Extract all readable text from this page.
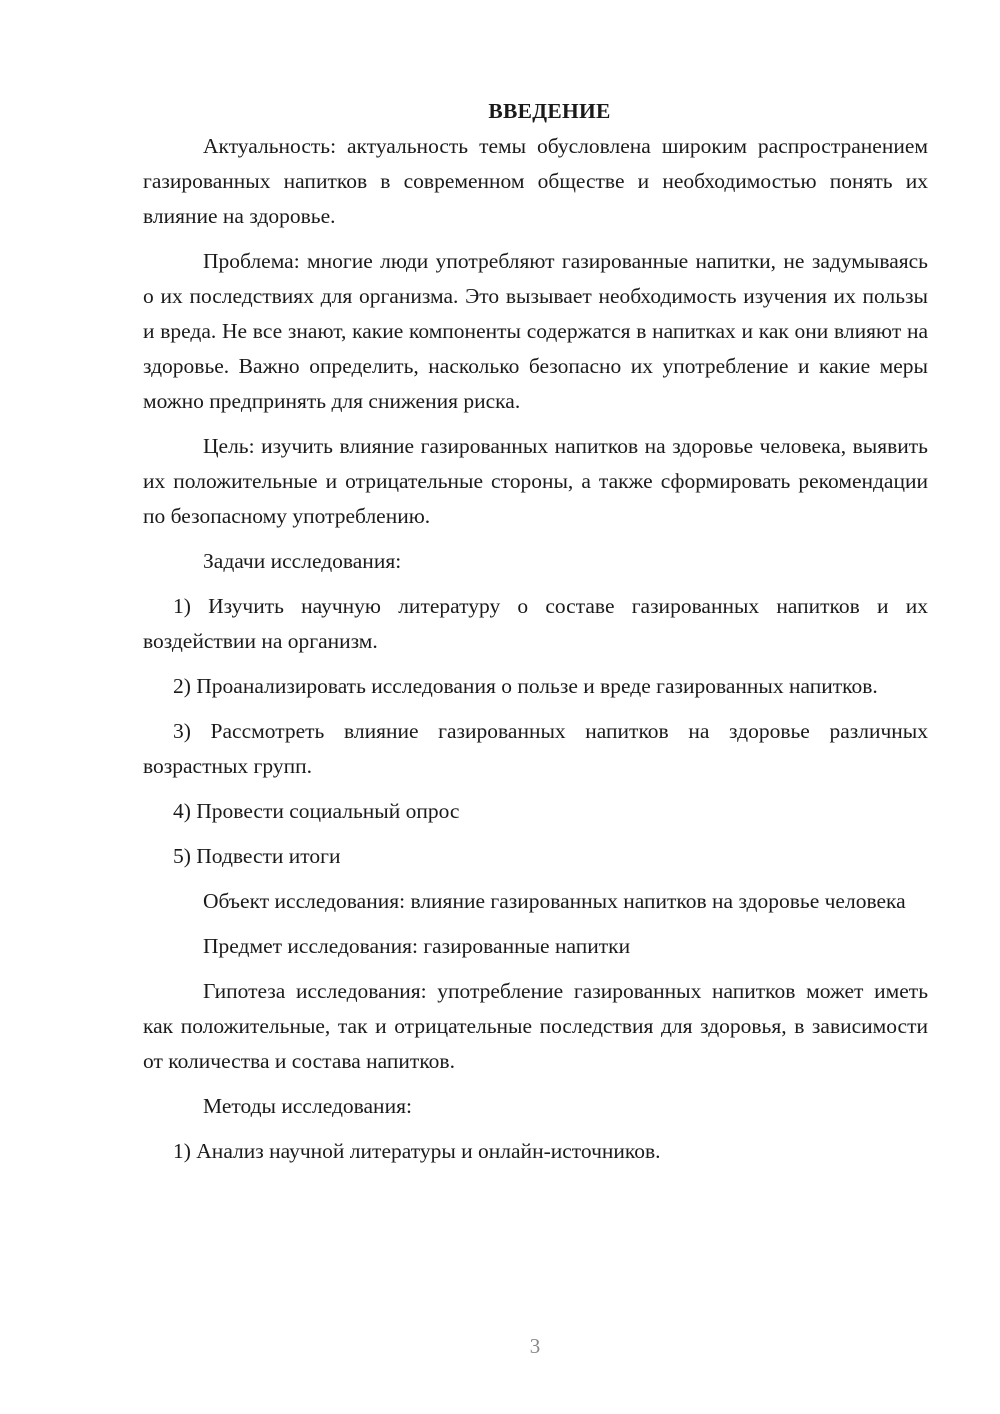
ВВЕДЕНИЕ

Актуальность: актуальность темы обусловлена широким распространением газированных напитков в современном обществе и необходимостью понять их влияние на здоровье.

Проблема: многие люди употребляют газированные напитки, не задумываясь о их последствиях для организма. Это вызывает необходимость изучения их пользы и вреда. Не все знают, какие компоненты содержатся в напитках и как они влияют на здоровье. Важно определить, насколько безопасно их употребление и какие меры можно предпринять для снижения риска.

Цель: изучить влияние газированных напитков на здоровье человека, выявить их положительные и отрицательные стороны, а также сформировать рекомендации по безопасному употреблению.

Задачи исследования:

1) Изучить научную литературу о составе газированных напитков и их воздействии на организм.

2) Проанализировать исследования о пользе и вреде газированных напитков.

3) Рассмотреть влияние газированных напитков на здоровье различных возрастных групп.

4) Провести социальный опрос

5) Подвести итоги

Объект исследования: влияние газированных напитков на здоровье человека

Предмет исследования: газированные напитки

Гипотеза исследования: употребление газированных напитков может иметь как положительные, так и отрицательные последствия для здоровья, в зависимости от количества и состава напитков.

Методы исследования:

1) Анализ научной литературы и онлайн-источников.

3
